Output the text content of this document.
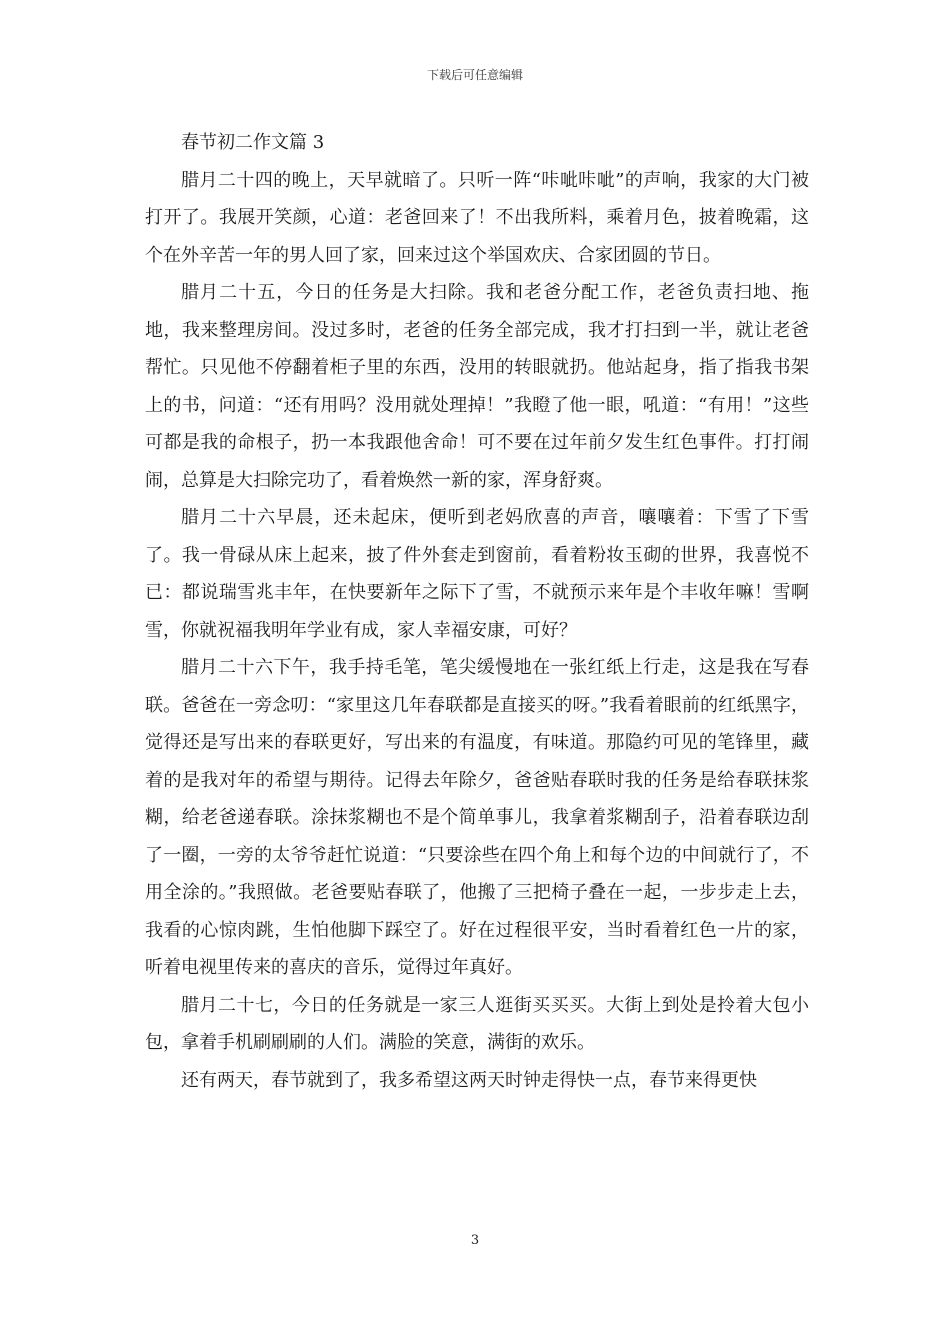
下载后可任意编辑
春节初二作文篇 3

腊月二十四的晚上，天早就暗了。只听一阵“咔呲咔呲”的声响，我家的大门被打开了。我展开笑颜，心道：老爸回来了！不出我所料，乘着月色，披着晚霜，这个在外辛苦一年的男人回了家，回来过这个举国欢庆、合家团圆的节日。

腊月二十五，今日的任务是大扫除。我和老爸分配工作，老爸负责扫地、拖地，我来整理房间。没过多时，老爸的任务全部完成，我才打扫到一半，就让老爸帮忙。只见他不停翻着柜子里的东西，没用的转眼就扔。他站起身，指了指我书架上的书，问道：“还有用吗？没用就处理掉！”我瞪了他一眼，吼道：“有用！”这些可都是我的命根子，扔一本我跟他舍命！可不要在过年前夕发生红色事件。打打闹闹，总算是大扫除完功了，看着焕然一新的家，浑身舒爽。

腊月二十六早晨，还未起床，便听到老妈欣喜的声音，嚷嚷着：下雪了下雪了。我一骨碌从床上起来，披了件外套走到窗前，看着粉妆玉砌的世界，我喜悦不已：都说瑞雪兆丰年，在快要新年之际下了雪，不就预示来年是个丰收年嘛！雪啊雪，你就祝福我明年学业有成，家人幸福安康，可好？

腊月二十六下午，我手持毛笔，笔尖缓慢地在一张红纸上行走，这是我在写春联。爸爸在一旁念叨：“家里这几年春联都是直接买的呀。”我看着眼前的红纸黑字，觉得还是写出来的春联更好，写出来的有温度，有味道。那隐约可见的笔锋里，藏着的是我对年的希望与期待。记得去年除夕，爸爸贴春联时我的任务是给春联抹浆糊，给老爸递春联。涂抹浆糊也不是个简单事儿，我拿着浆糊刮子，沿着春联边刮了一圈，一旁的太爷爷赶忙说道：“只要涂些在四个角上和每个边的中间就行了，不用全涂的。”我照做。老爸要贴春联了，他搬了三把椅子叠在一起，一步步走上去，我看的心惊肉跳，生怕他脚下踩空了。好在过程很平安，当时看着红色一片的家，听着电视里传来的喜庆的音乐，觉得过年真好。

腊月二十七，今日的任务就是一家三人逛街买买买。大街上到处是拎着大包小包，拿着手机刷刷刷的人们。满脸的笑意，满街的欢乐。

还有两天，春节就到了，我多希望这两天时钟走得快一点，春节来得更快

3
